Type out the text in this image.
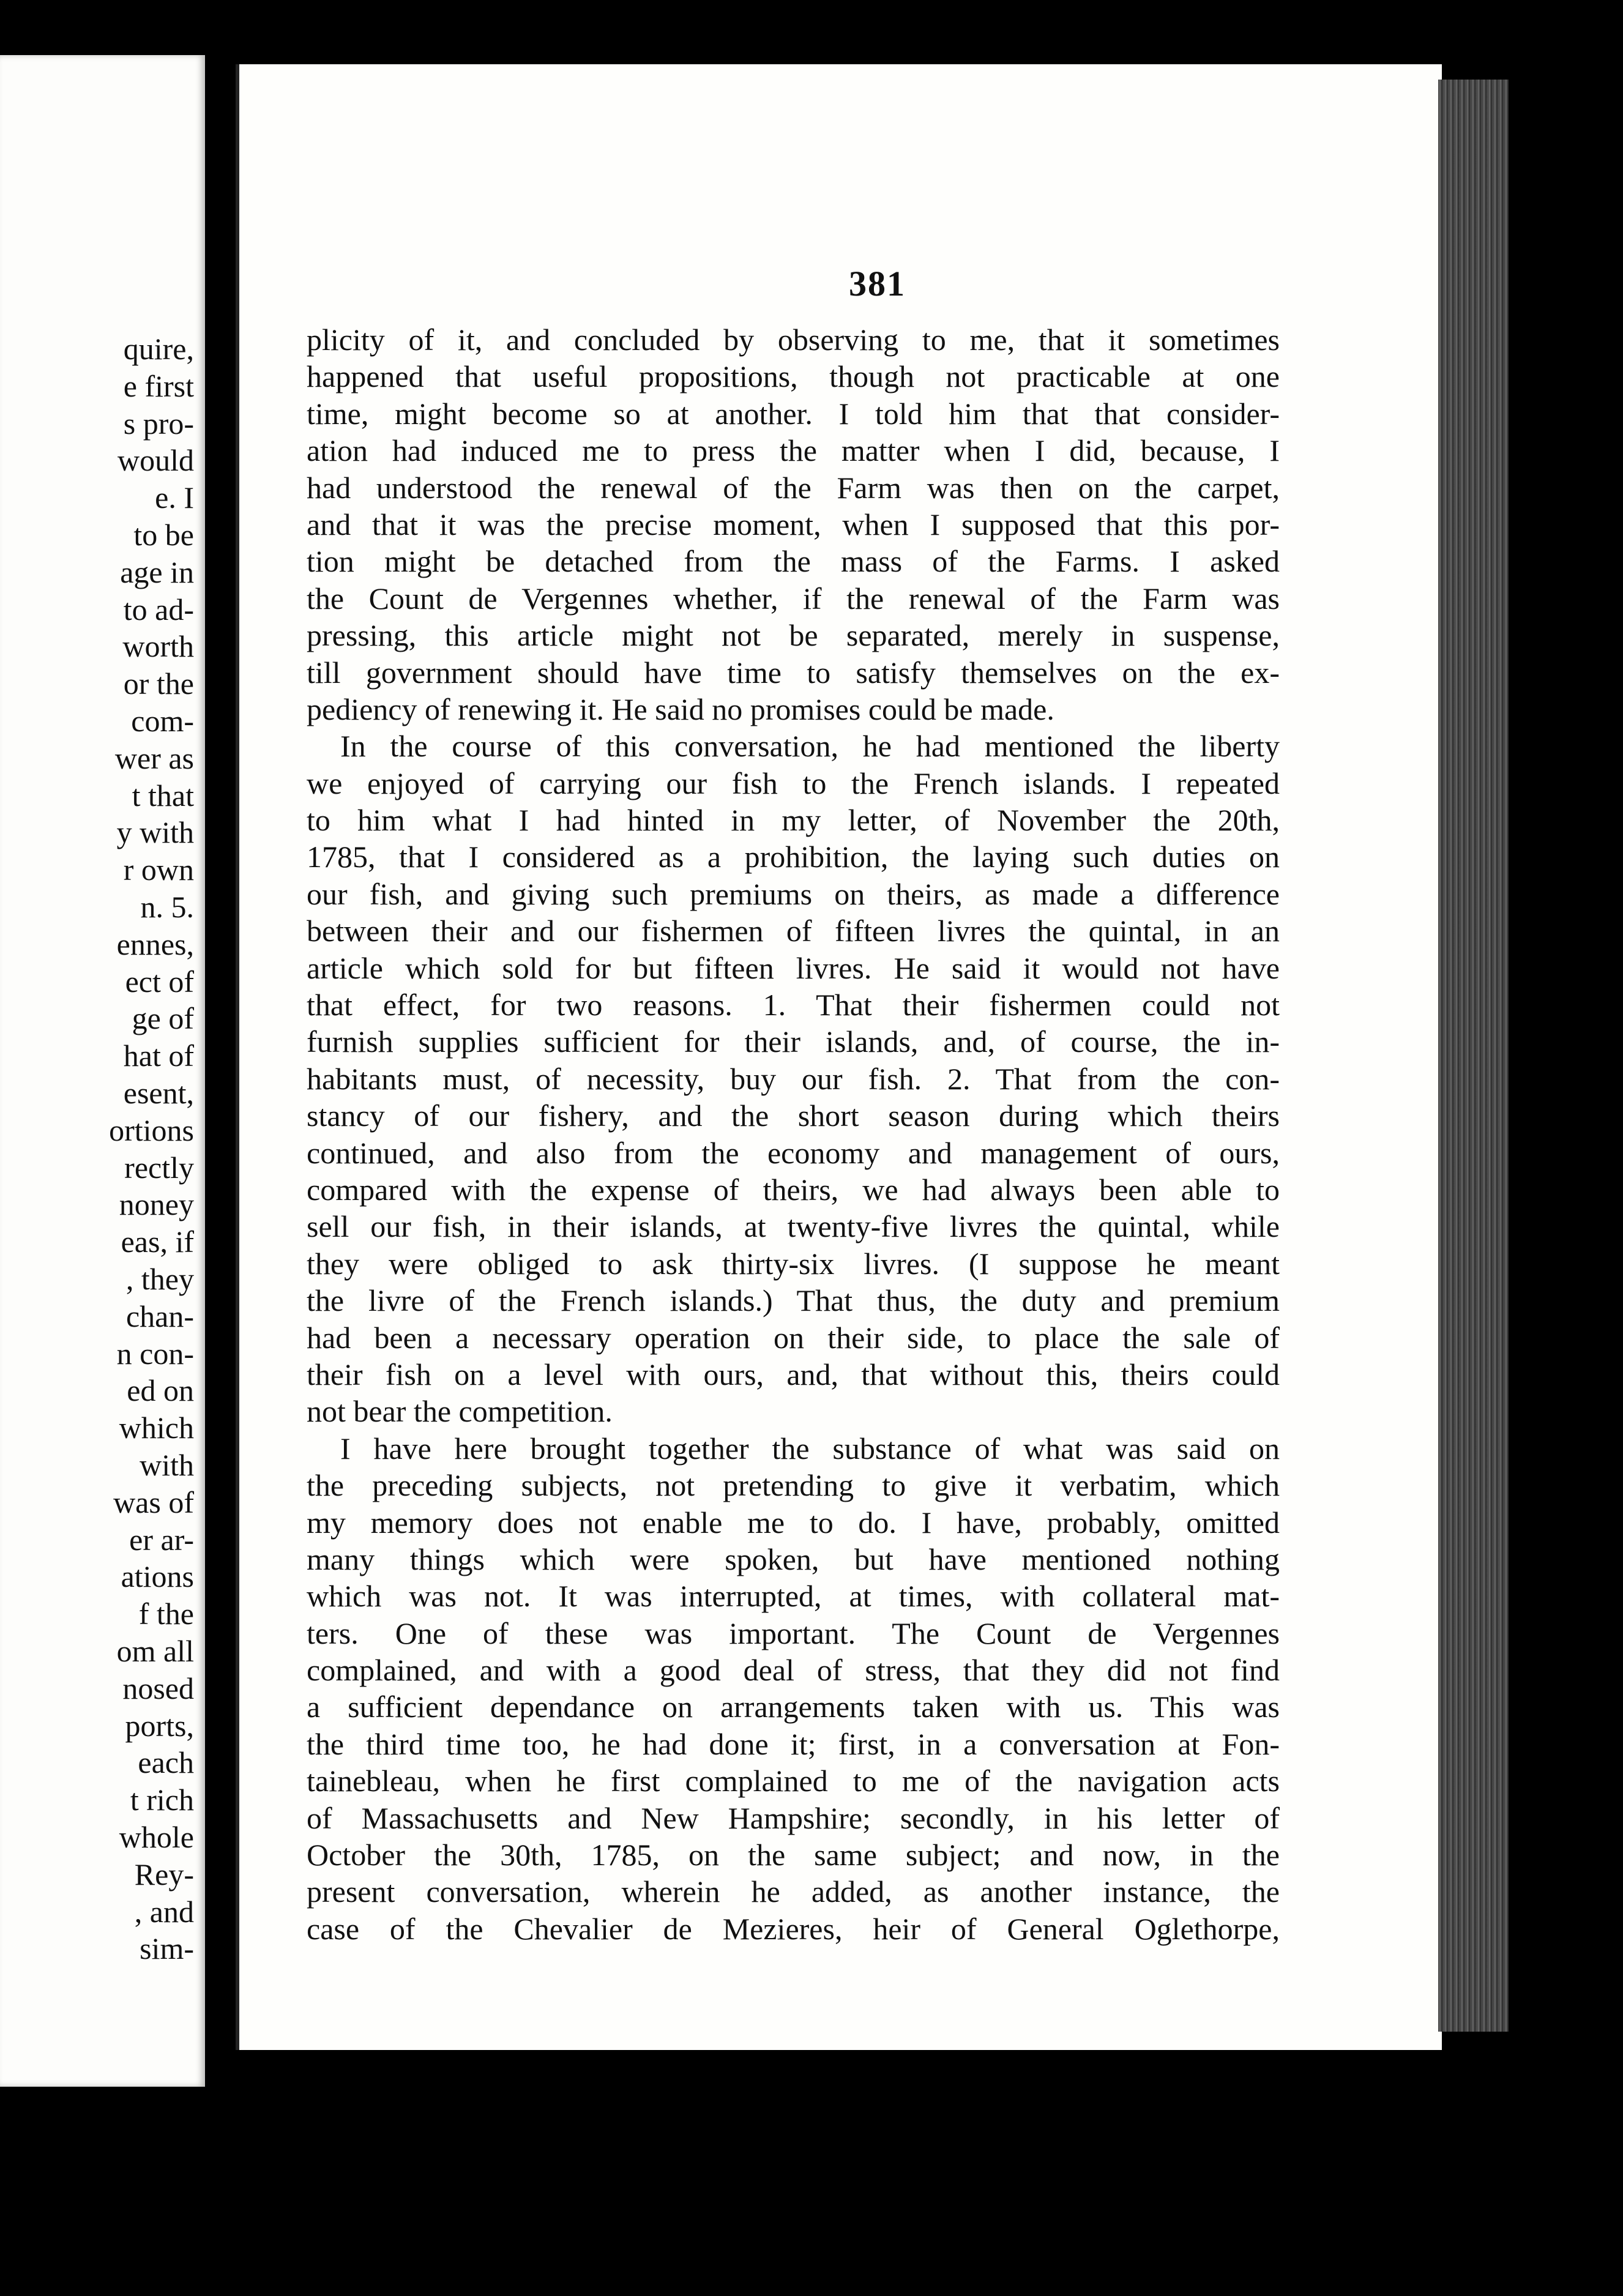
quire,
e first
s pro-
would
e. I
to be
age in
to ad-
worth
or the
com-
wer as
t that
y with
r own
n. 5.
ennes,
ect of
ge of
hat of
esent,
ortions
rectly
noney
eas, if
, they
chan-
n con-
ed on
which
with
was of
er ar-
ations
f the
om all
nosed
ports,
each
t rich
whole
Rey-
, and
sim-
381
plicity of it, and concluded by observing to me, that it sometimes
happened that useful propositions, though not practicable at one
time, might become so at another. I told him that that consider-
ation had induced me to press the matter when I did, because, I
had understood the renewal of the Farm was then on the carpet,
and that it was the precise moment, when I supposed that this por-
tion might be detached from the mass of the Farms. I asked
the Count de Vergennes whether, if the renewal of the Farm was
pressing, this article might not be separated, merely in suspense,
till government should have time to satisfy themselves on the ex-
pediency of renewing it. He said no promises could be made.
In the course of this conversation, he had mentioned the liberty
we enjoyed of carrying our fish to the French islands. I repeated
to him what I had hinted in my letter, of November the 20th,
1785, that I considered as a prohibition, the laying such duties on
our fish, and giving such premiums on theirs, as made a difference
between their and our fishermen of fifteen livres the quintal, in an
article which sold for but fifteen livres. He said it would not have
that effect, for two reasons. 1. That their fishermen could not
furnish supplies sufficient for their islands, and, of course, the in-
habitants must, of necessity, buy our fish. 2. That from the con-
stancy of our fishery, and the short season during which theirs
continued, and also from the economy and management of ours,
compared with the expense of theirs, we had always been able to
sell our fish, in their islands, at twenty-five livres the quintal, while
they were obliged to ask thirty-six livres. (I suppose he meant
the livre of the French islands.) That thus, the duty and premium
had been a necessary operation on their side, to place the sale of
their fish on a level with ours, and, that without this, theirs could
not bear the competition.
I have here brought together the substance of what was said on
the preceding subjects, not pretending to give it verbatim, which
my memory does not enable me to do. I have, probably, omitted
many things which were spoken, but have mentioned nothing
which was not. It was interrupted, at times, with collateral mat-
ters. One of these was important. The Count de Vergennes
complained, and with a good deal of stress, that they did not find
a sufficient dependance on arrangements taken with us. This was
the third time too, he had done it; first, in a conversation at Fon-
tainebleau, when he first complained to me of the navigation acts
of Massachusetts and New Hampshire; secondly, in his letter of
October the 30th, 1785, on the same subject; and now, in the
present conversation, wherein he added, as another instance, the
case of the Chevalier de Mezieres, heir of General Oglethorpe,
